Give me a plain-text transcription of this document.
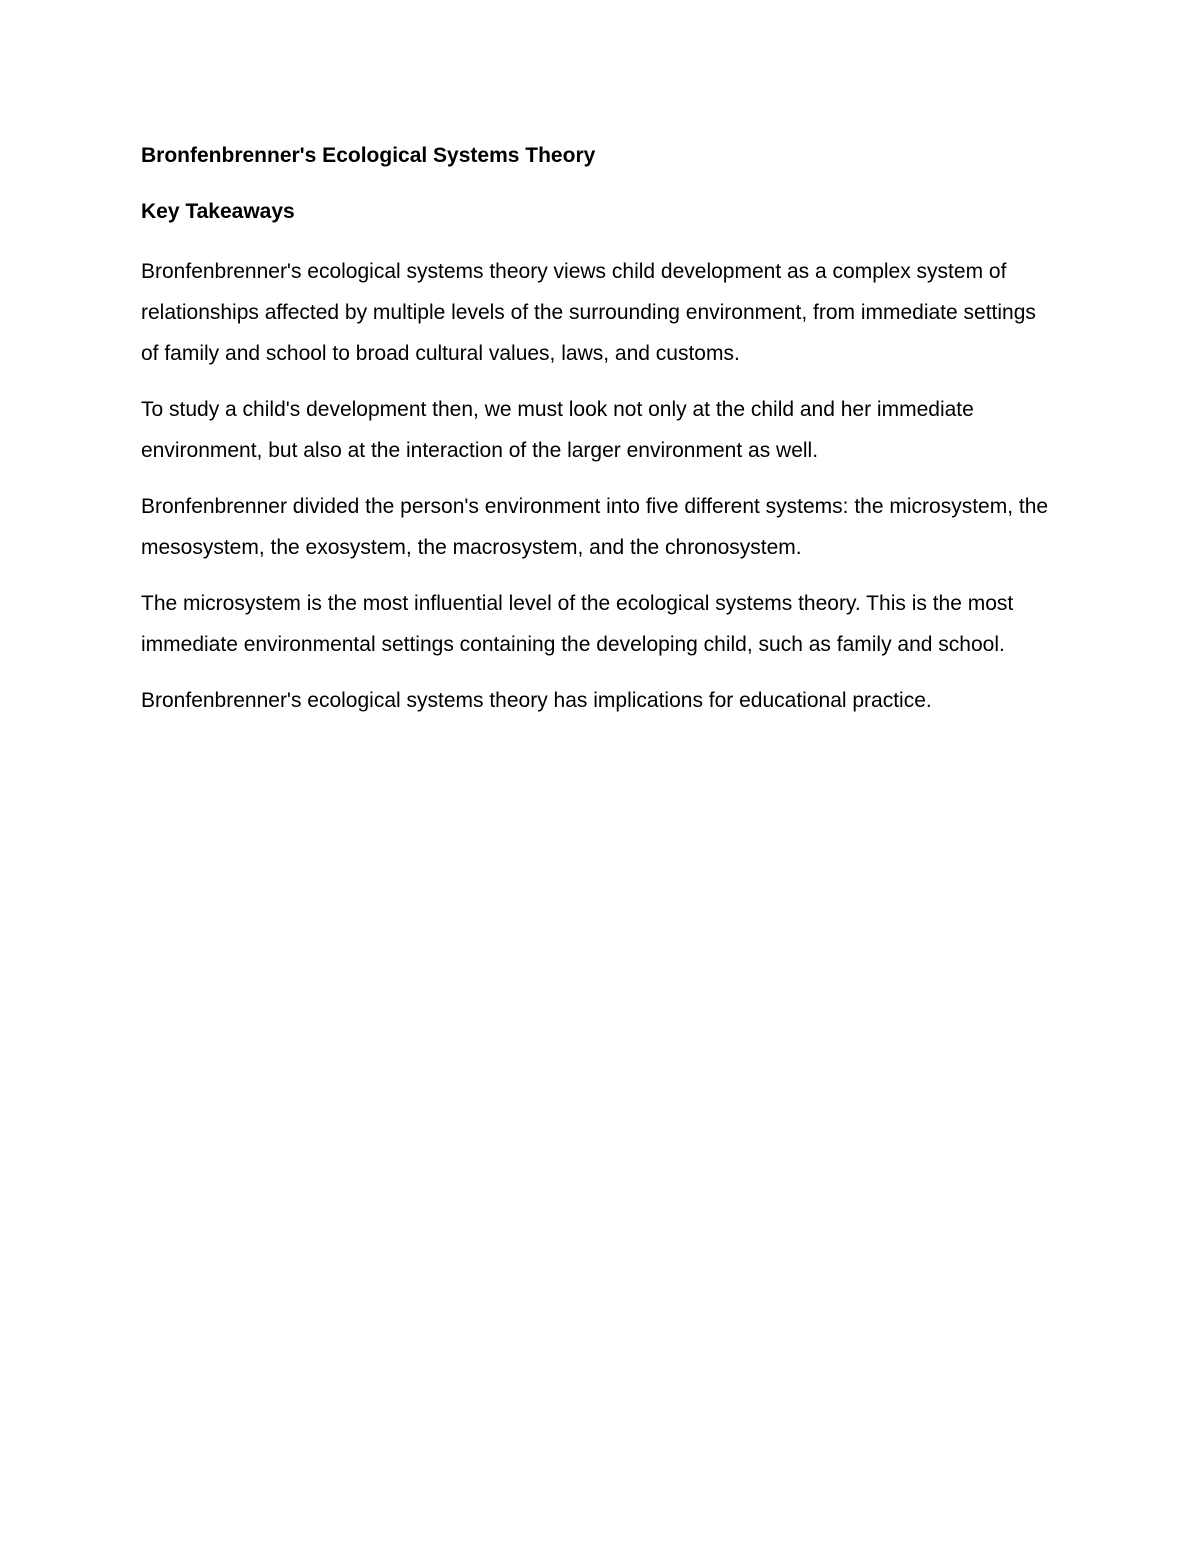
Bronfenbrenner's Ecological Systems Theory
Key Takeaways

Bronfenbrenner's ecological systems theory views child development as a complex system of relationships affected by multiple levels of the surrounding environment, from immediate settings of family and school to broad cultural values, laws, and customs.

To study a child's development then, we must look not only at the child and her immediate environment, but also at the interaction of the larger environment as well.

Bronfenbrenner divided the person's environment into five different systems: the microsystem, the mesosystem, the exosystem, the macrosystem, and the chronosystem.

The microsystem is the most influential level of the ecological systems theory. This is the most immediate environmental settings containing the developing child, such as family and school.

Bronfenbrenner's ecological systems theory has implications for educational practice.
